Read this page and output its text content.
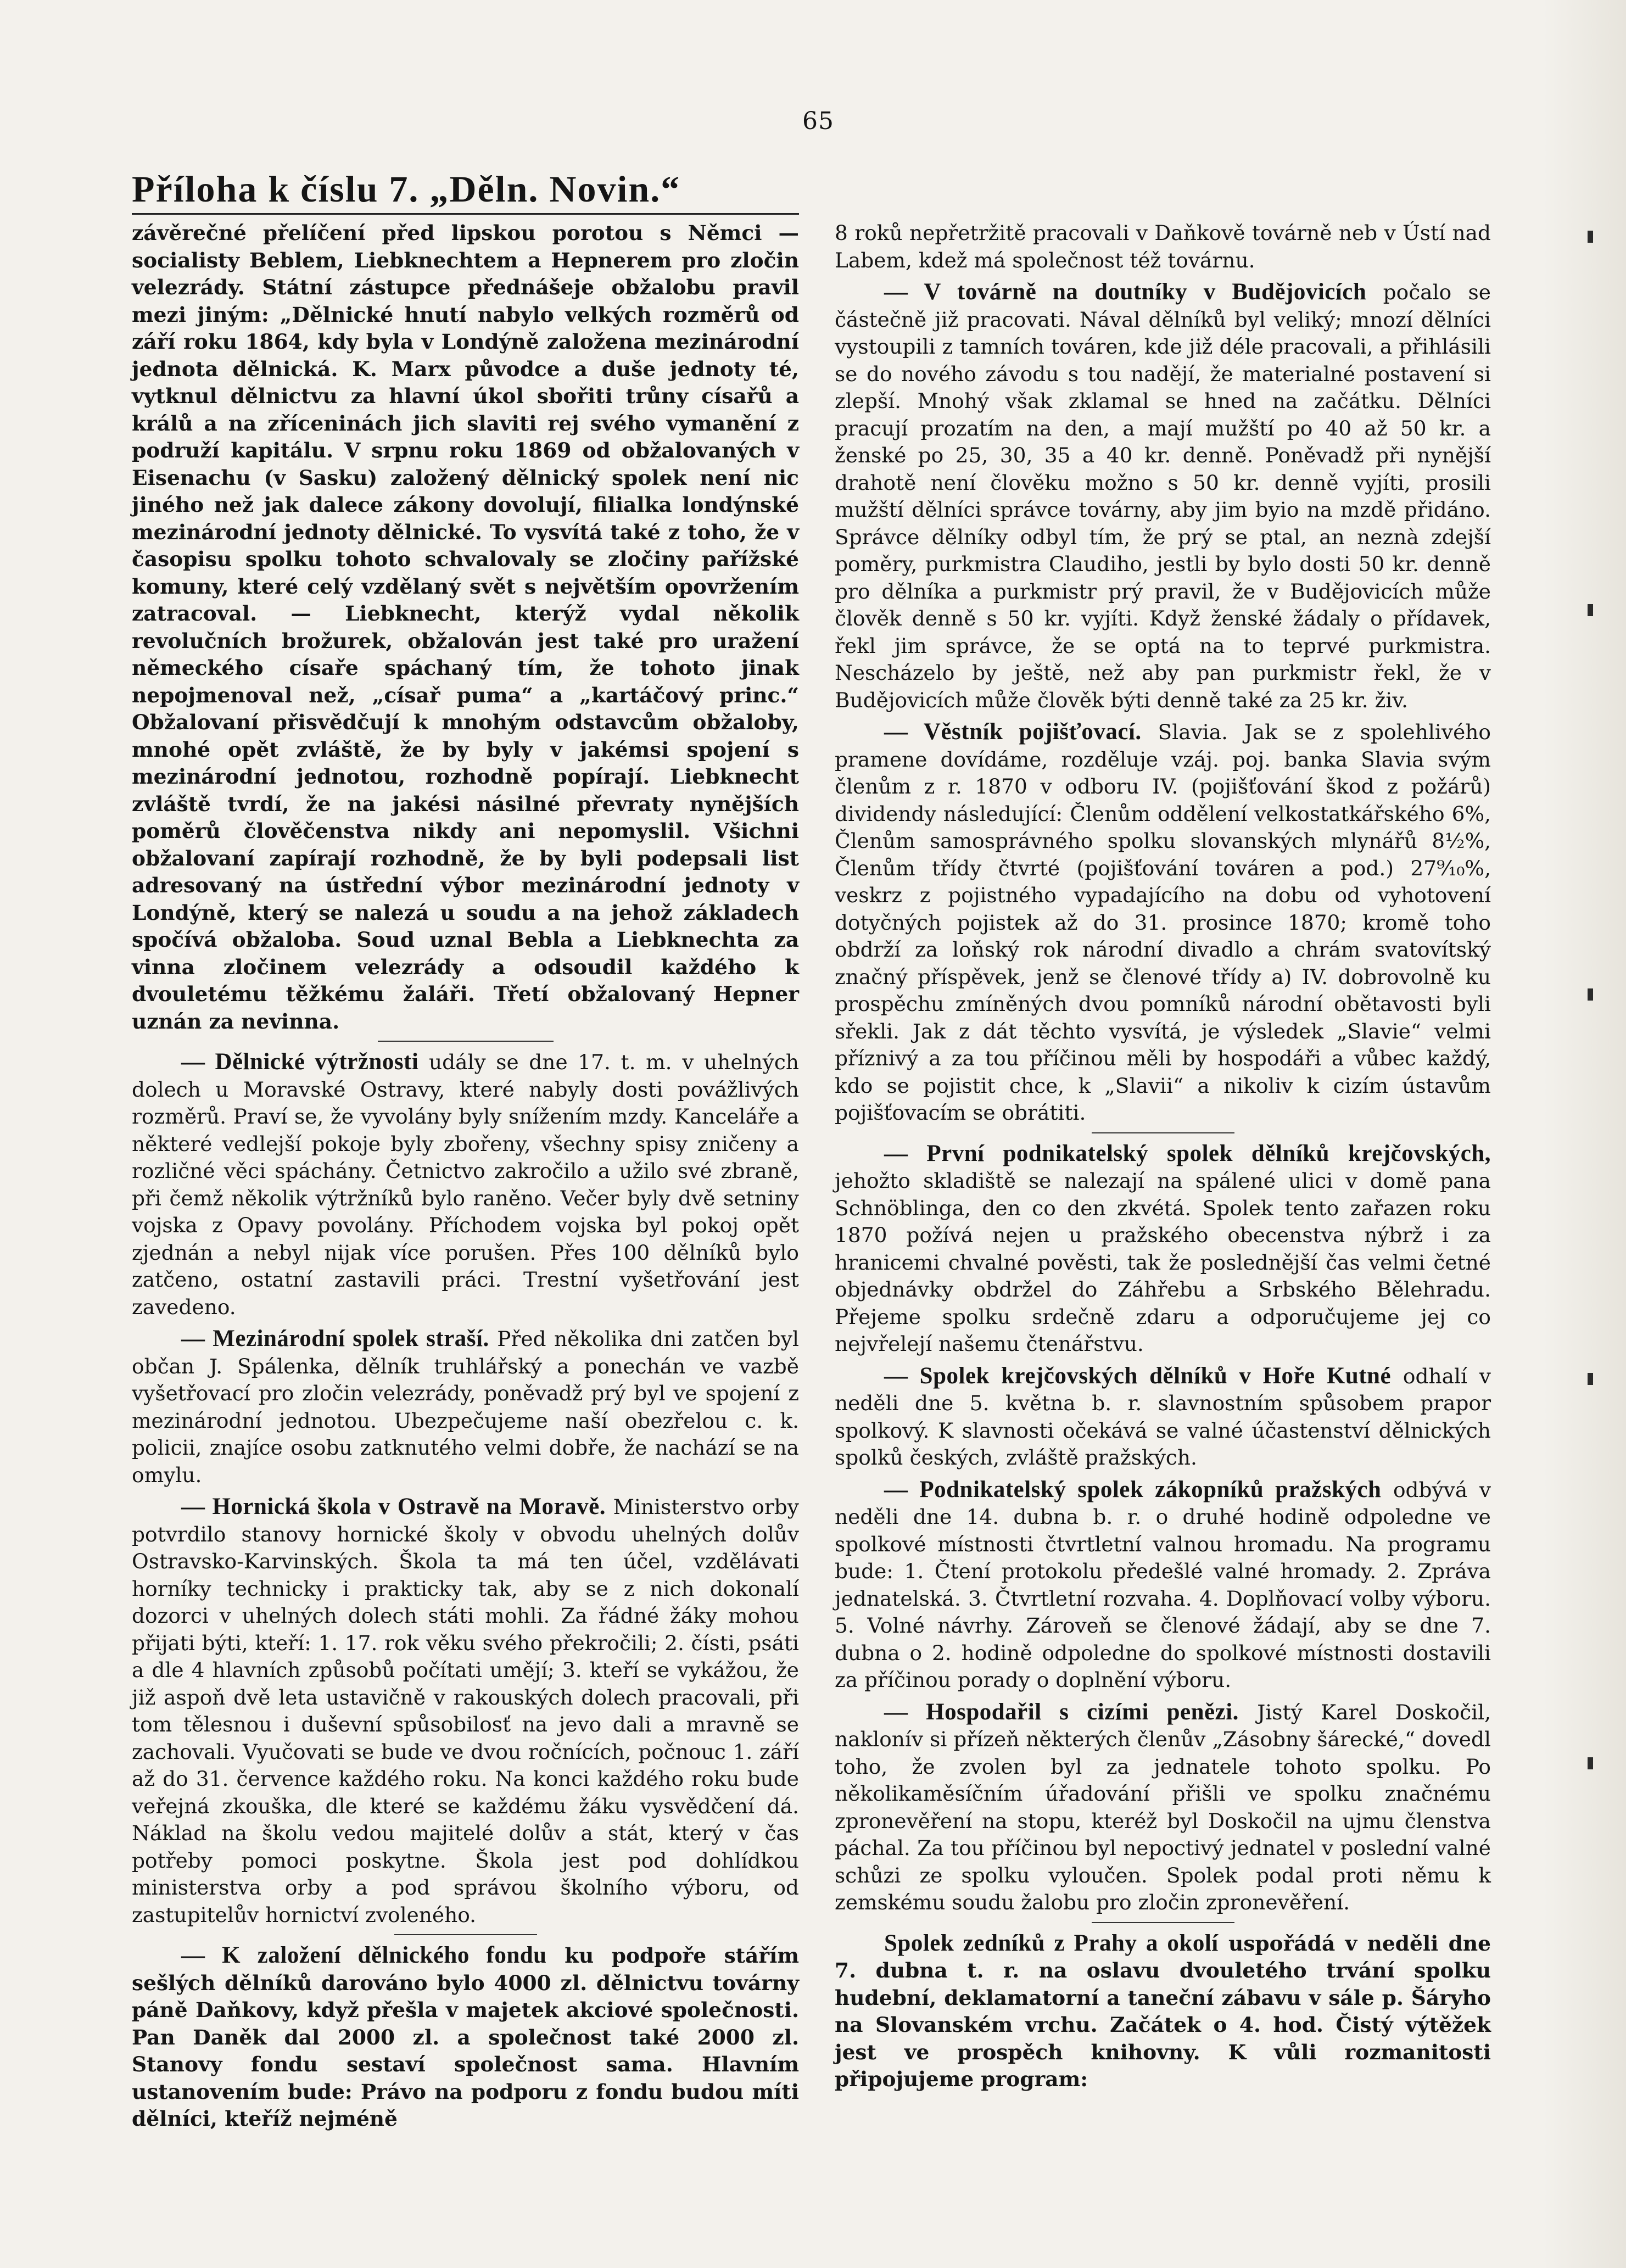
65
Příloha k číslu 7. „Děln. Novin.“

závěrečné přelíčení před lipskou porotou s Němci — socialisty Beblem, Liebknechtem a Hepnerem pro zločin velezrády. Státní zástupce přednášeje obžalobu pravil mezi jiným: „Dělnické hnutí nabylo velkých rozměrů od září roku 1864, kdy byla v Londýně založena mezinárodní jednota dělnická. K. Marx původce a duše jednoty té, vytknul dělnictvu za hlavní úkol sbořiti trůny císařů a králů a na zříceninách jich slaviti rej svého vymanění z podruží kapitálu. V srpnu roku 1869 od obžalovaných v Eisenachu (v Sasku) založený dělnický spolek není nic jiného než jak dalece zákony dovolují, filialka londýnské mezinárodní jednoty dělnické. To vysvítá také z toho, že v časopisu spolku tohoto schvalovaly se zločiny pařížské komuny, které celý vzdělaný svět s největším opovržením zatracoval. — Liebknecht, kterýž vydal několik revolučních brožurek, obžalován jest také pro uražení německého císaře spáchaný tím, že tohoto jinak nepojmenoval než, „císař puma“ a „kartáčový princ.“ Obžalovaní přisvědčují k mnohým odstavcům obžaloby, mnohé opět zvláště, že by byly v jakémsi spojení s mezinárodní jednotou, rozhodně popírají. Liebknecht zvláště tvrdí, že na jakési násilné převraty nynějších poměrů člověčenstva nikdy ani nepomyslil. Všichni obžalovaní zapírají rozhodně, že by byli podepsali list adresovaný na ústřední výbor mezinárodní jednoty v Londýně, který se nalezá u soudu a na jehož základech spočívá obžaloba. Soud uznal Bebla a Liebknechta za vinna zločinem velezrády a odsoudil každého k dvouletému těžkému žaláři. Třetí obžalovaný Hepner uznán za nevinna.

— Dělnické výtržnosti udály se dne 17. t. m. v uhelných dolech u Moravské Ostravy, které nabyly dosti povážlivých rozměrů. Praví se, že vyvolány byly snížením mzdy. Kanceláře a některé vedlejší pokoje byly zbořeny, všechny spisy zničeny a rozličné věci spáchány. Četnictvo zakročilo a užilo své zbraně, při čemž několik výtržníků bylo raněno. Večer byly dvě setniny vojska z Opavy povolány. Příchodem vojska byl pokoj opět zjednán a nebyl nijak více porušen. Přes 100 dělníků bylo zatčeno, ostatní zastavili práci. Trestní vyšetřování jest zavedeno.

— Mezinárodní spolek straší. Před několika dni zatčen byl občan J. Spálenka, dělník truhlářský a ponechán ve vazbě vyšetřovací pro zločin velezrády, poněvadž prý byl ve spojení z mezinárodní jednotou. Ubezpečujeme naší obezřelou c. k. policii, znajíce osobu zatknutého velmi dobře, že nachází se na omylu.

— Hornická škola v Ostravě na Moravě. Ministerstvo orby potvrdilo stanovy hornické školy v obvodu uhelných dolův Ostravsko-Karvinských. Škola ta má ten účel, vzdělávati horníky technicky i prakticky tak, aby se z nich dokonalí dozorci v uhelných dolech státi mohli. Za řádné žáky mohou přijati býti, kteří: 1. 17. rok věku svého překročili; 2. čísti, psáti a dle 4 hlavních způsobů počítati umějí; 3. kteří se vykážou, že již aspoň dvě leta ustavičně v rakouských dolech pracovali, při tom tělesnou i duševní spůsobilosť na jevo dali a mravně se zachovali. Vyučovati se bude ve dvou ročnících, počnouc 1. září až do 31. července každého roku. Na konci každého roku bude veřejná zkouška, dle které se každému žáku vysvědčení dá. Náklad na školu vedou majitelé dolův a stát, který v čas potřeby pomoci poskytne. Škola jest pod dohlídkou ministerstva orby a pod správou školního výboru, od zastupitelův hornictví zvoleného.

— K založení dělnického fondu ku podpoře stářím sešlých dělníků darováno bylo 4000 zl. dělnictvu továrny páně Daňkovy, když přešla v majetek akciové společnosti. Pan Daněk dal 2000 zl. a společnost také 2000 zl. Stanovy fondu sestaví společnost sama. Hlavním ustanovením bude: Právo na podporu z fondu budou míti dělníci, kteříž nejméně

8 roků nepřetržitě pracovali v Daňkově továrně neb v Ústí nad Labem, kdež má společnost též továrnu.

— V továrně na doutníky v Budějovicích počalo se částečně již pracovati. Nával dělníků byl veliký; mnozí dělníci vystoupili z tamních továren, kde již déle pracovali, a přihlásili se do nového závodu s tou nadějí, že materialné postavení si zlepší. Mnohý však zklamal se hned na začátku. Dělníci pracují prozatím na den, a mají mužští po 40 až 50 kr. a ženské po 25, 30, 35 a 40 kr. denně. Poněvadž při nynější drahotě není člověku možno s 50 kr. denně vyjíti, prosili mužští dělníci správce továrny, aby jim byio na mzdě přidáno. Správce dělníky odbyl tím, že prý se ptal, an neznà zdejší poměry, purkmistra Claudiho, jestli by bylo dosti 50 kr. denně pro dělníka a purkmistr prý pravil, že v Budějovicích může člověk denně s 50 kr. vyjíti. Když ženské žádaly o přídavek, řekl jim správce, že se optá na to teprvé purkmistra. Nescházelo by ještě, než aby pan purkmistr řekl, že v Budějovicích může člověk býti denně také za 25 kr. živ.

— Věstník pojišťovací. Slavia. Jak se z spolehlivého pramene dovídáme, rozděluje vzáj. poj. banka Slavia svým členům z r. 1870 v odboru IV. (pojišťování škod z požárů) dividendy následující: Členům oddělení velkostatkářského 6%, Členům samosprávného spolku slovanských mlynářů 8½%, Členům třídy čtvrté (pojišťování továren a pod.) 27⁹⁄₁₀%, veskrz z pojistného vypadajícího na dobu od vyhotovení dotyčných pojistek až do 31. prosince 1870; kromě toho obdrží za loňský rok národní divadlo a chrám svatovítský značný příspěvek, jenž se členové třídy a) IV. dobrovolně ku prospěchu zmíněných dvou pomníků národní obětavosti byli sřekli. Jak z dát těchto vysvítá, je výsledek „Slavie“ velmi příznivý a za tou příčinou měli by hospodáři a vůbec každý, kdo se pojistit chce, k „Slavii“ a nikoliv k cizím ústavům pojišťovacím se obrátiti.

— První podnikatelský spolek dělníků krejčovských, jehožto skladiště se nalezají na spálené ulici v domě pana Schnöblinga, den co den zkvétá. Spolek tento zařazen roku 1870 požívá nejen u pražského obecenstva nýbrž i za hranicemi chvalné pověsti, tak že poslednější čas velmi četné objednávky obdržel do Záhřebu a Srbského Bělehradu. Přejeme spolku srdečně zdaru a odporučujeme jej co nejvřelejí našemu čtenářstvu.

— Spolek krejčovských dělníků v Hoře Kutné odhalí v neděli dne 5. května b. r. slavnostním spůsobem prapor spolkový. K slavnosti očekává se valné účastenství dělnických spolků českých, zvláště pražských.

— Podnikatelský spolek zákopníků pražských odbývá v neděli dne 14. dubna b. r. o druhé hodině odpoledne ve spolkové místnosti čtvrtletní valnou hromadu. Na programu bude: 1. Čtení protokolu předešlé valné hromady. 2. Zpráva jednatelská. 3. Čtvrtletní rozvaha. 4. Doplňovací volby výboru. 5. Volné návrhy. Zároveň se členové žádají, aby se dne 7. dubna o 2. hodině odpoledne do spolkové místnosti dostavili za příčinou porady o doplnění výboru.

— Hospodařil s cizími penězi. Jistý Karel Doskočil, naklonív si přízeň některých členův „Zásobny šárecké,“ dovedl toho, že zvolen byl za jednatele tohoto spolku. Po několikaměsíčním úřadování přišli ve spolku značnému zpronevěření na stopu, kteréž byl Doskočil na ujmu členstva páchal. Za tou příčinou byl nepoctivý jednatel v poslední valné schůzi ze spolku vyloučen. Spolek podal proti němu k zemskému soudu žalobu pro zločin zpronevěření.

Spolek zedníků z Prahy a okolí uspořádá v neděli dne 7. dubna t. r. na oslavu dvouletého trvání spolku hudební, deklamatorní a taneční zábavu v sále p. Šáryho na Slovanském vrchu. Začátek o 4. hod. Čistý výtěžek jest ve prospěch knihovny. K vůli rozmanitosti připojujeme program:
